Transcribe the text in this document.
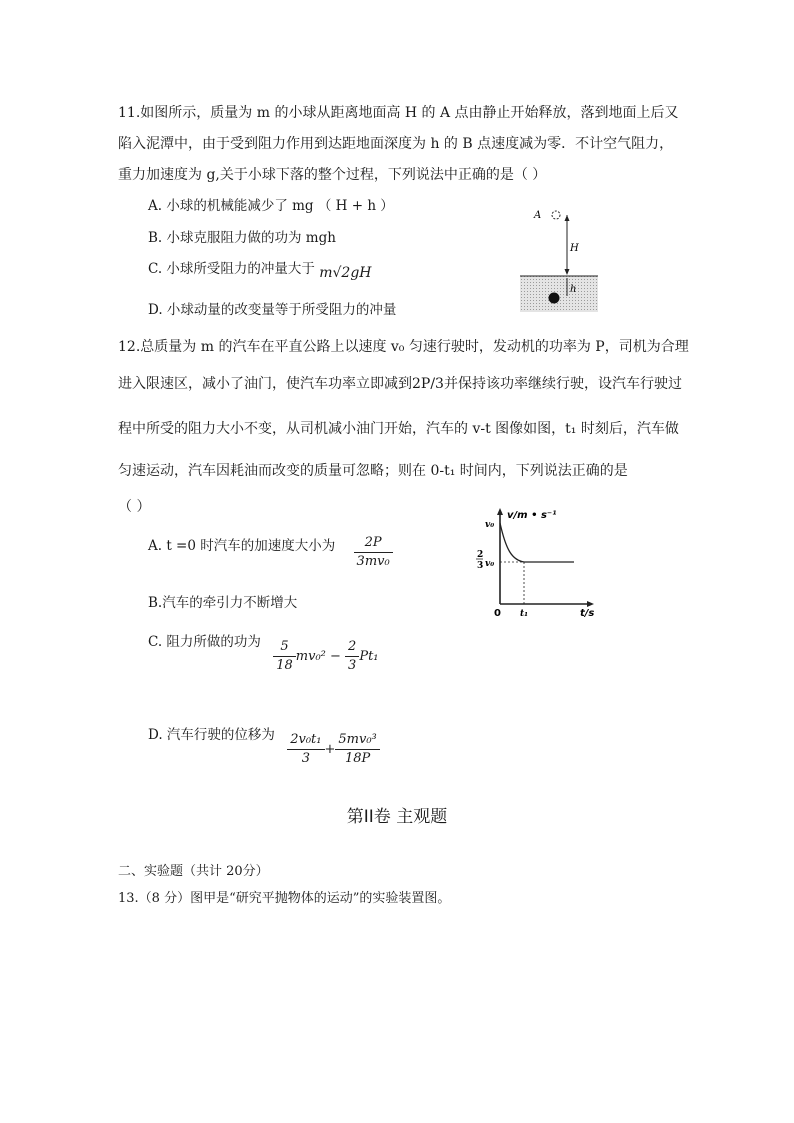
11.如图所示，质量为 m 的小球从距离地面高 H 的 A 点由静止开始释放，落到地面上后又
陷入泥潭中，由于受到阻力作用到达距地面深度为 h 的 B 点速度减为零．不计空气阻力，
重力加速度为 g,关于小球下落的整个过程，下列说法中正确的是（ ）
A. 小球的机械能减少了 mg （ H + h ）
B. 小球克服阻力做的功为 mgh
C. 小球所受阻力的冲量大于 m√2gH
D. 小球动量的改变量等于所受阻力的冲量
A
H
h
12.总质量为 m 的汽车在平直公路上以速度 v₀ 匀速行驶时，发动机的功率为 P，司机为合理
进入限速区，减小了油门，使汽车功率立即减到2P/3并保持该功率继续行驶，设汽车行驶过
程中所受的阻力大小不变，从司机减小油门开始，汽车的 v-t 图像如图，t₁ 时刻后，汽车做
匀速运动，汽车因耗油而改变的质量可忽略；则在 0-t₁ 时间内，下列说法正确的是
（ ）
A. t =0 时汽车的加速度大小为 $\frac{2P}{\text{3mv₀}}$
B.汽车的牵引力不断增大
C. 阻力所做的功为 $\frac{5}{18} mv_0^2 - \frac{2}{3} Pt_1$
D. 汽车行驶的位移为 $\frac{\text{2v₀t₁}}{3} + \frac{\text{5mv₀³}}{18P}$
v/m • s⁻¹
t/s
v₀
2
3 v₀
0 t₁
第II卷 主观题
二、实验题（共计 20分）
13.（8 分）图甲是“研究平抛物体的运动”的实验装置图。
